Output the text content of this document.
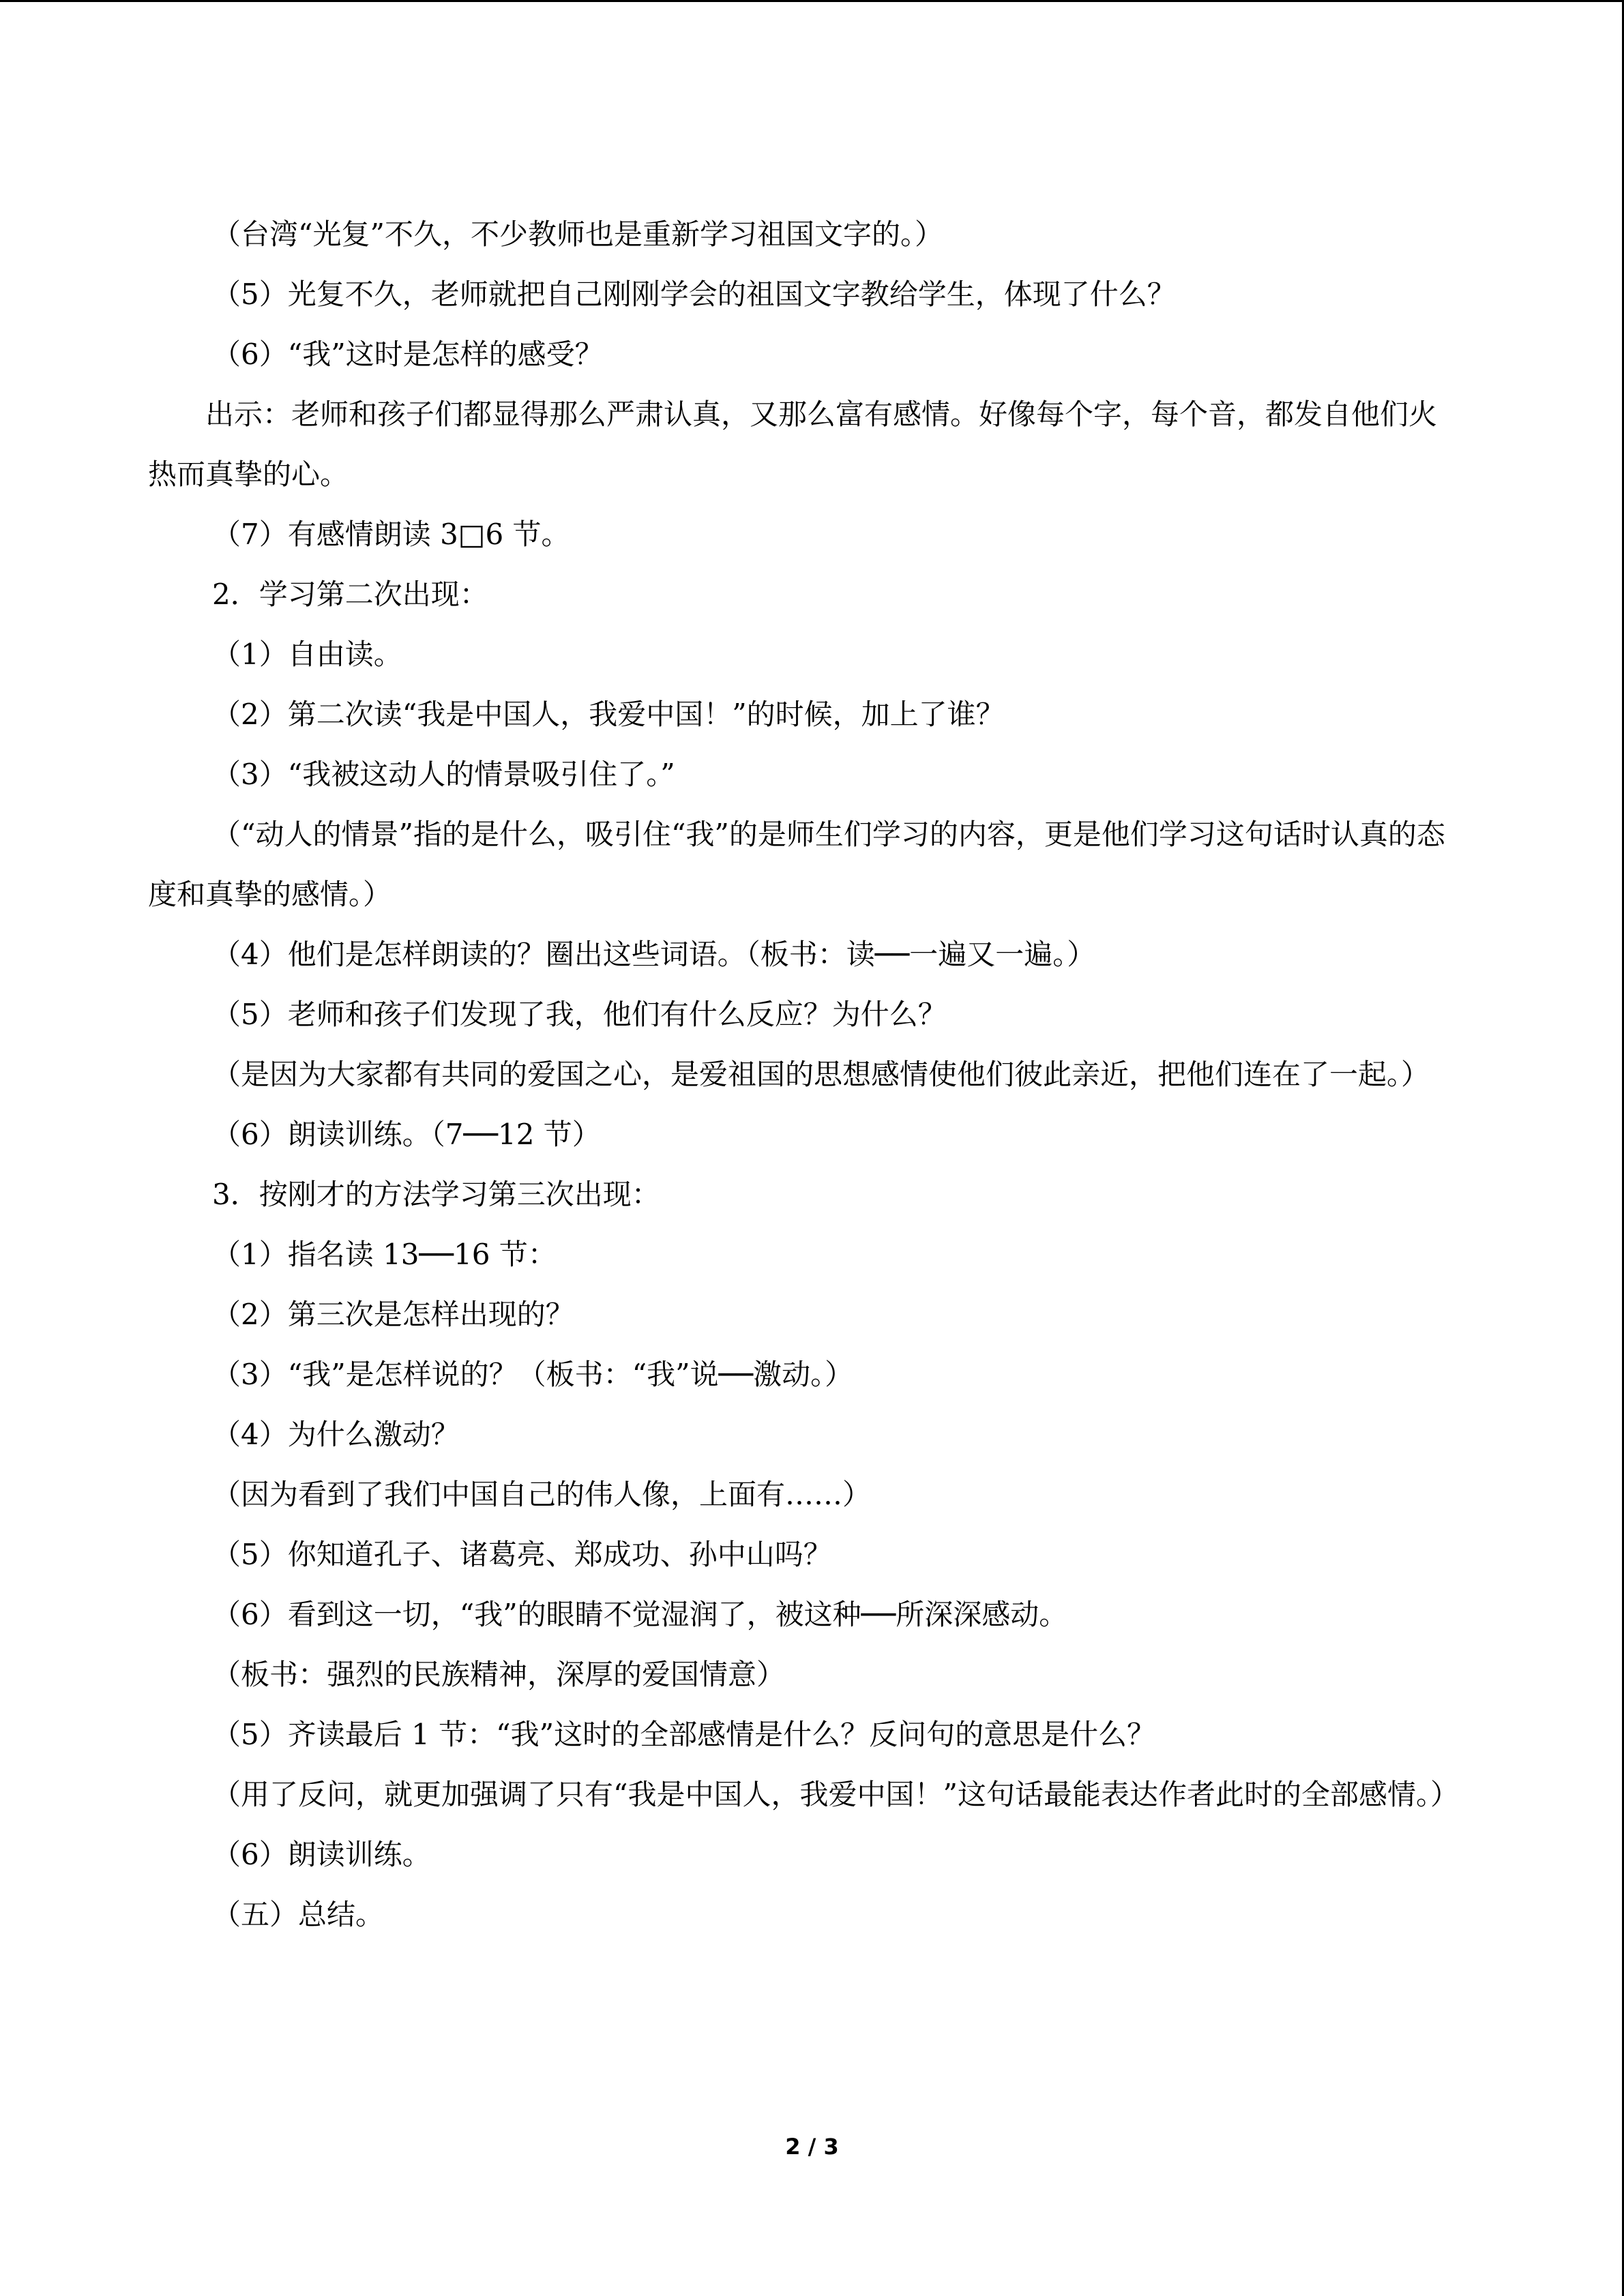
（台湾“光复”不久，不少教师也是重新学习祖国文字的。）

（5）光复不久，老师就把自己刚刚学会的祖国文字教给学生，体现了什么？

（6）“我”这时是怎样的感受？

出示：老师和孩子们都显得那么严肃认真，又那么富有感情。好像每个字，每个音，都发自他们火热而真挚的心。

（7）有感情朗读 3□6 节。

2．学习第二次出现：

（1）自由读。

（2）第二次读“我是中国人，我爱中国！”的时候，加上了谁？

（3）“我被这动人的情景吸引住了。”

（“动人的情景”指的是什么，吸引住“我”的是师生们学习的内容，更是他们学习这句话时认真的态度和真挚的感情。）

（4）他们是怎样朗读的？圈出这些词语。（板书：读──一遍又一遍。）

（5）老师和孩子们发现了我，他们有什么反应？为什么？

（是因为大家都有共同的爱国之心，是爱祖国的思想感情使他们彼此亲近，把他们连在了一起。）

（6）朗读训练。（7──12 节）

3．按刚才的方法学习第三次出现：

（1）指名读 13──16 节：

（2）第三次是怎样出现的？

（3）“我”是怎样说的？（板书：“我”说──激动。）

（4）为什么激动？

（因为看到了我们中国自己的伟人像，上面有……）

（5）你知道孔子、诸葛亮、郑成功、孙中山吗？

（6）看到这一切，“我”的眼睛不觉湿润了，被这种──所深深感动。

（板书：强烈的民族精神，深厚的爱国情意）

（5）齐读最后 1 节：“我”这时的全部感情是什么？反问句的意思是什么？

（用了反问，就更加强调了只有“我是中国人，我爱中国！”这句话最能表达作者此时的全部感情。）

（6）朗读训练。

（五）总结。

2 / 3
